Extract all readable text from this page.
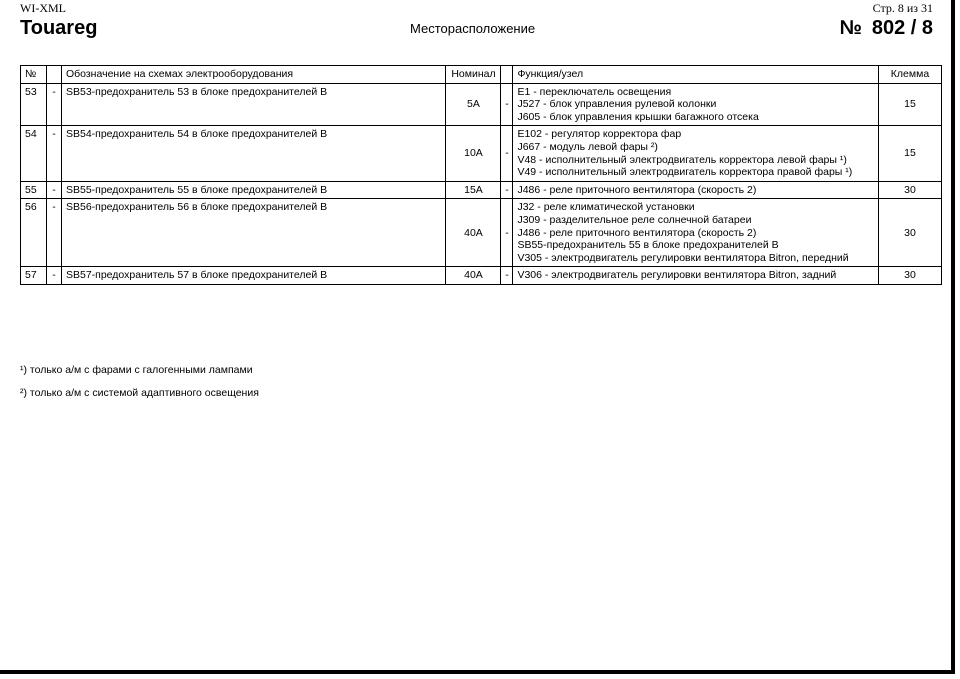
WI-XML	Стр. 8 из 31
Touareg	Месторасположение	№ 802 / 8
№		Обозначение на схемах электрооборудования	Номинал		Функция/узел	Клемма
53	-	SB53-предохранитель 53 в блоке предохранителей B	5A	-	E1 - переключатель освещения
J527 - блок управления рулевой колонки
J605 - блок управления крышки багажного отсека	15
54	-	SB54-предохранитель 54 в блоке предохранителей B	10A	-	E102 - регулятор корректора фар
J667 - модуль левой фары ²)
V48 - исполнительный электродвигатель корректора левой фары ¹)
V49 - исполнительный электродвигатель корректора правой фары ¹)	15
55	-	SB55-предохранитель 55 в блоке предохранителей B	15A	-	J486 - реле приточного вентилятора (скорость 2)	30
56	-	SB56-предохранитель 56 в блоке предохранителей B	40A	-	J32 - реле климатической установки
J309 - разделительное реле солнечной батареи
J486 - реле приточного вентилятора (скорость 2)
SB55-предохранитель 55 в блоке предохранителей B
V305 - электродвигатель регулировки вентилятора Bitron, передний	30
57	-	SB57-предохранитель 57 в блоке предохранителей B	40A	-	V306 - электродвигатель регулировки вентилятора Bitron, задний	30
¹) только а/м с фарами с галогенными лампами
²) только а/м с системой адаптивного освещения
